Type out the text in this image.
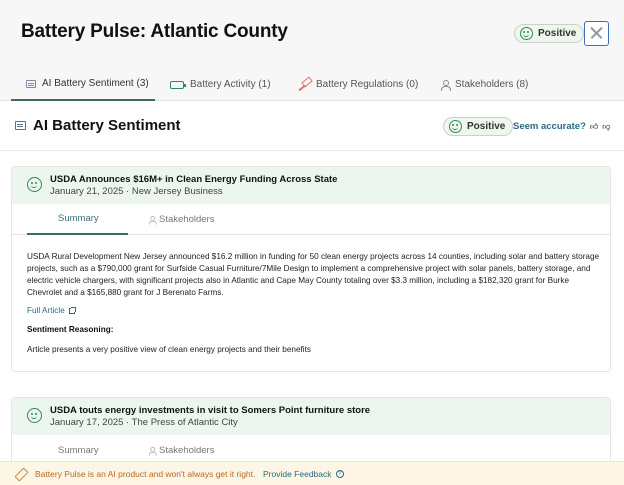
Battery Pulse: Atlantic County	Positive
AI Battery Sentiment (3)	Battery Activity (1)	Battery Regulations (0)	Stakeholders (8)
AI Battery Sentiment	Positive Seem accurate? 👍︎ 👎︎
USDA Announces $16M+ in Clean Energy Funding Across State
January 21, 2025 · New Jersey Business
Summary	Stakeholders
USDA Rural Development New Jersey announced $16.2 million in funding for 50 clean energy projects across 14 counties, including solar and battery storage projects, such as a $790,000 grant for Surfside Casual Furniture/7Mile Design to implement a comprehensive project with solar panels, battery storage, and electric vehicle chargers, with significant projects also in Atlantic and Cape May County totaling over $3.3 million, including a $182,320 grant for Burke Chevrolet and a $165,880 grant for J Berenato Farms.
Full Article
Sentiment Reasoning:
Article presents a very positive view of clean energy projects and their benefits
USDA touts energy investments in visit to Somers Point furniture store
January 17, 2025 · The Press of Atlantic City
Summary	Stakeholders
Battery Pulse is an AI product and won't always get it right. Provide Feedback	?
